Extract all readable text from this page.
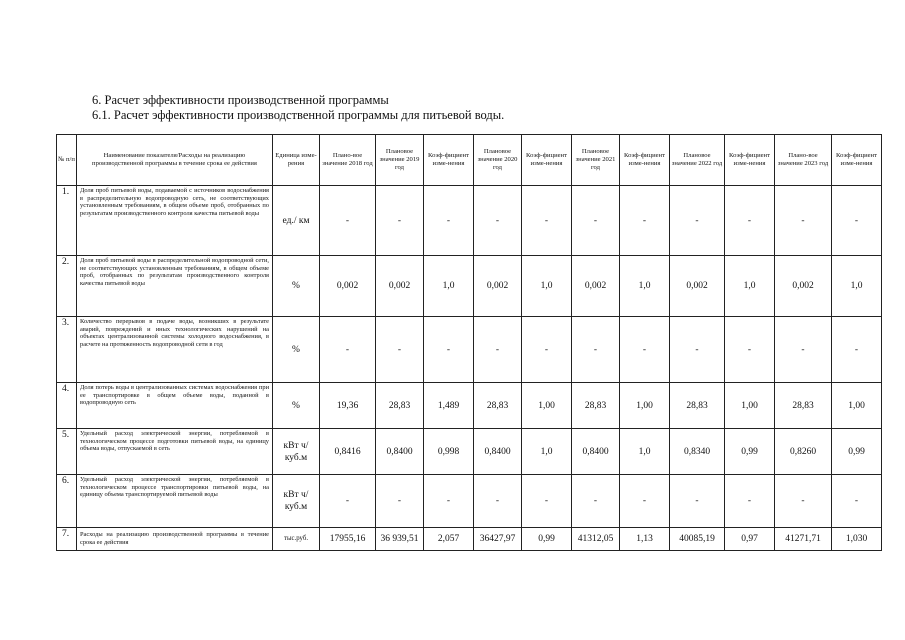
6. Расчет эффективности производственной программы
6.1. Расчет эффективности производственной программы для питьевой воды.
№ п/п	Наименование показателя/Расходы на реализацию производственной программы в течение срока ее действия	Единица изме-рения	Плано-вое значение 2018 год	Плановое значение 2019 год	Коэф-фициент изме-нения	Плановое значение 2020 год	Коэф-фициент изме-нения	Плановое значение 2021 год	Коэф-фициент изме-нения	Плановое значение 2022 год	Коэф-фициент изме-нения	Плано-вое значение 2023 год	Коэф-фициент изме-нения
1.	Доля проб питьевой воды, подаваемой с источников водоснабжения в распределительную водопроводную сеть, не соответствующих установленным требованиям, в общем объеме проб, отобранных по результатам производственного контроля качества питьевой воды	ед./ км	-	-	-	-	-	-	-	-	-	-	-
2.	Доля проб питьевой воды в распределительной водопроводной сети, не соответствующих установленным требованиям, в общем объеме проб, отобранных по результатам производственного контроля качества питьевой воды	%	0,002	0,002	1,0	0,002	1,0	0,002	1,0	0,002	1,0	0,002	1,0
3.	Количество перерывов в подаче воды, возникших в результате аварий, повреждений и иных технологических нарушений на объектах централизованной системы холодного водоснабжения, в расчете на протяженность водопроводной сети в год	%	-	-	-	-	-	-	-	-	-	-	-
4.	Доля потерь воды в централизованных системах водоснабжения при ее транспортировке в общем объеме воды, поданной в водопроводную сеть	%	19,36	28,83	1,489	28,83	1,00	28,83	1,00	28,83	1,00	28,83	1,00
5.	Удельный расход электрической энергии, потребляемой в технологическом процессе подготовки питьевой воды, на единицу объема воды, отпускаемой в сеть	кВт ч/куб.м	0,8416	0,8400	0,998	0,8400	1,0	0,8400	1,0	0,8340	0,99	0,8260	0,99
6.	Удельный расход электрической энергии, потребляемой в технологическом процессе транспортировки питьевой воды, на единицу объема транспортируемой питьевой воды	кВт ч/куб.м	-	-	-	-	-	-	-	-	-	-	-
7.	Расходы на реализацию производственной программы в течение срока ее действия	тыс.руб.	17955,16	36 939,51	2,057	36427,97	0,99	41312,05	1,13	40085,19	0,97	41271,71	1,030
